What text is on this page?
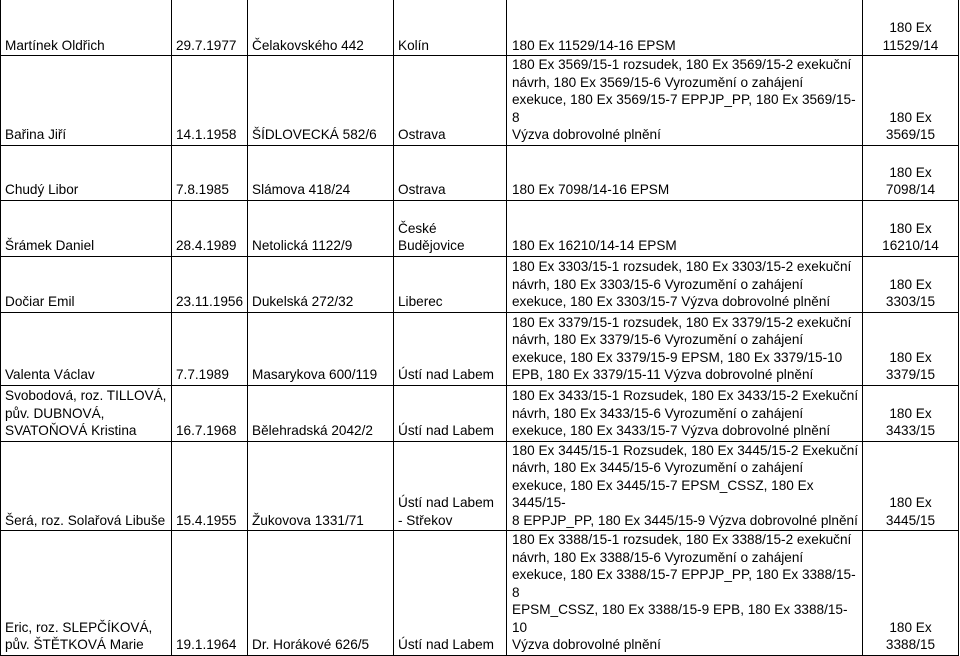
Martínek Oldřich	29.7.1977	Čelakovského 442	Kolín	180 Ex 11529/14-16 EPSM	180 Ex
11529/14
Bařina Jiří	14.1.1958	ŠÍDLOVECKÁ 582/6	Ostrava	180 Ex 3569/15-1 rozsudek, 180 Ex 3569/15-2 exekuční
návrh, 180 Ex 3569/15-6 Vyrozumění o zahájení
exekuce, 180 Ex 3569/15-7 EPPJP_PP, 180 Ex 3569/15-8
Výzva dobrovolné plnění	180 Ex
3569/15
Chudý Libor	7.8.1985	Slámova 418/24	Ostrava	180 Ex 7098/14-16 EPSM	180 Ex
7098/14
Šrámek Daniel	28.4.1989	Netolická 1122/9	České
Budějovice	180 Ex 16210/14-14 EPSM	180 Ex
16210/14
Dočiar Emil	23.11.1956	Dukelská 272/32	Liberec	180 Ex 3303/15-1 rozsudek, 180 Ex 3303/15-2 exekuční
návrh, 180 Ex 3303/15-6 Vyrozumění o zahájení
exekuce, 180 Ex 3303/15-7 Výzva dobrovolné plnění	180 Ex
3303/15
Valenta Václav	7.7.1989	Masarykova 600/119	Ústí nad Labem	180 Ex 3379/15-1 rozsudek, 180 Ex 3379/15-2 exekuční
návrh, 180 Ex 3379/15-6 Vyrozumění o zahájení
exekuce, 180 Ex 3379/15-9 EPSM, 180 Ex 3379/15-10
EPB, 180 Ex 3379/15-11 Výzva dobrovolné plnění	180 Ex
3379/15
Svobodová, roz. TILLOVÁ,
pův. DUBNOVÁ,
SVATOŇOVÁ Kristina	16.7.1968	Bělehradská 2042/2	Ústí nad Labem	180 Ex 3433/15-1 Rozsudek, 180 Ex 3433/15-2 Exekuční
návrh, 180 Ex 3433/15-6 Vyrozumění o zahájení
exekuce, 180 Ex 3433/15-7 Výzva dobrovolné plnění	180 Ex
3433/15
Šerá, roz. Solařová Libuše	15.4.1955	Žukovova 1331/71	Ústí nad Labem
- Střekov	180 Ex 3445/15-1 Rozsudek, 180 Ex 3445/15-2 Exekuční
návrh, 180 Ex 3445/15-6 Vyrozumění o zahájení
exekuce, 180 Ex 3445/15-7 EPSM_CSSZ, 180 Ex 3445/15-
8 EPPJP_PP, 180 Ex 3445/15-9 Výzva dobrovolné plnění	180 Ex
3445/15
Eric, roz. SLEPČÍKOVÁ,
pův. ŠTĚTKOVÁ Marie	19.1.1964	Dr. Horákové 626/5	Ústí nad Labem	180 Ex 3388/15-1 rozsudek, 180 Ex 3388/15-2 exekuční
návrh, 180 Ex 3388/15-6 Vyrozumění o zahájení
exekuce, 180 Ex 3388/15-7 EPPJP_PP, 180 Ex 3388/15-8
EPSM_CSSZ, 180 Ex 3388/15-9 EPB, 180 Ex 3388/15-10
Výzva dobrovolné plnění	180 Ex
3388/15
